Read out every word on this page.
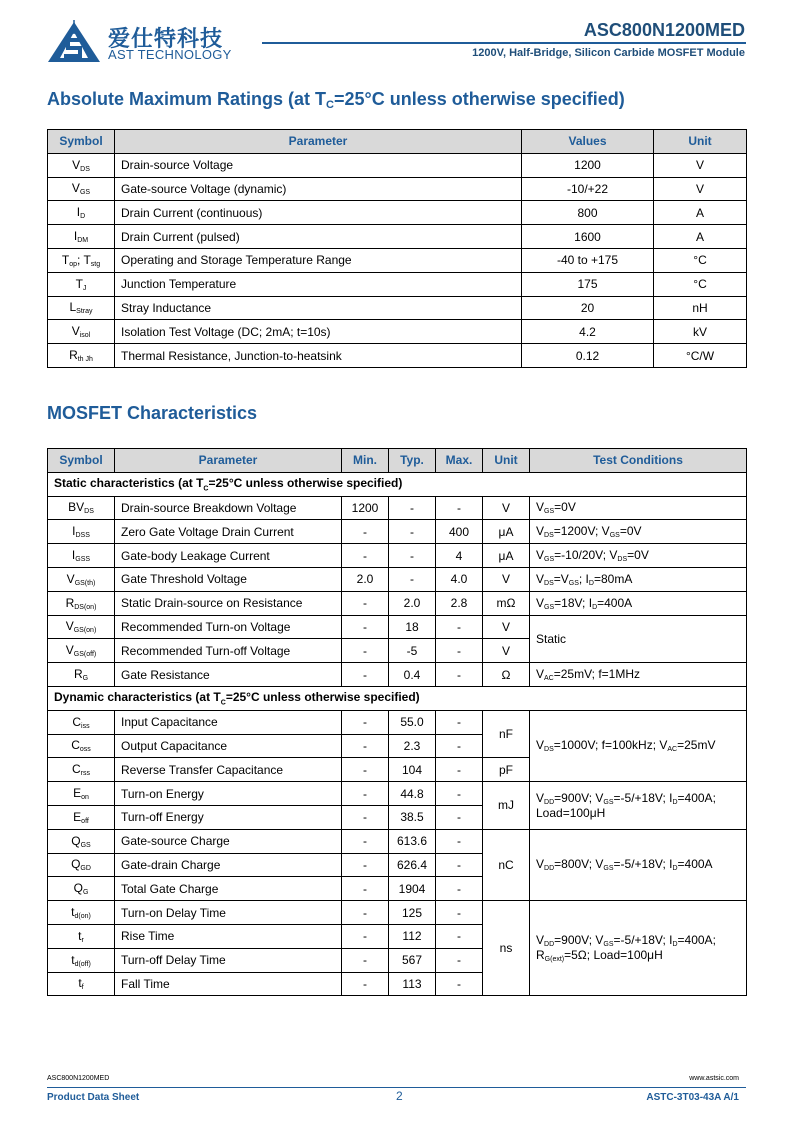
爱仕特科技
AST TECHNOLOGY
ASC800N1200MED
1200V, Half-Bridge, Silicon Carbide MOSFET Module
Absolute Maximum Ratings (at $T_C=25^\circ C$ unless otherwise specified)
Symbol	Parameter	Values	Unit
$V_{DS}$	Drain-source Voltage	1200	V
$V_{GS}$	Gate-source Voltage (dynamic)	-10/+22	V
$I_D$	Drain Current (continuous)	800	A
$I_{DM}$	Drain Current (pulsed)	1600	A
$T_{op}$; $T_{stg}$	Operating and Storage Temperature Range	-40 to +175	°C
$T_J$	Junction Temperature	175	°C
$L_{Stray}$	Stray Inductance	20	nH
$V_{isol}$	Isolation Test Voltage (DC; 2mA; t=10s)	4.2	kV
$R_{th Jh}$	Thermal Resistance, Junction-to-heatsink	0.12	°C/W
MOSFET Characteristics
Symbol	Parameter	Min.	Typ.	Max.	Unit	Test Conditions
Static characteristics (at $T_C=25^\circ C$ unless otherwise specified)						
$BV_{DS}$	Drain-source Breakdown Voltage	1200	-	-	V	$V_{GS}=0V$
$I_{DSS}$	Zero Gate Voltage Drain Current	-	-	400	μA	$V_{DS}=1200V$; $V_{GS}=0V$
$I_{GSS}$	Gate-body Leakage Current	-	-	4	μA	$V_{GS}=-10/20V$; $V_{DS}=0V$
$V_{GS(th)}$	Gate Threshold Voltage	2.0	-	4.0	V	$V_{DS}=V_{GS}$; $I_D=80mA$
$R_{DS(on)}$	Static Drain-source on Resistance	-	2.0	2.8	mΩ	$V_{GS}=18V$; $I_D=400A$
$V_{GS(on)}$	Recommended Turn-on Voltage	-	18	-	V	Static
$V_{GS(off)}$	Recommended Turn-off Voltage	-	-5	-	V	
$R_G$	Gate Resistance	-	0.4	-	Ω	$V_{AC}=25mV$; f=1MHz
Dynamic characteristics (at $T_C=25^\circ C$ unless otherwise specified)						
$C_{iss}$	Input Capacitance	-	55.0	-	nF	$V_{DS}=1000V$; f=100kHz; $V_{AC}=25mV$
$C_{oss}$	Output Capacitance	-	2.3	-		
$C_{rss}$	Reverse Transfer Capacitance	-	104	-	pF	
$E_{on}$	Turn-on Energy	-	44.8	-	mJ	$V_{DD}=900V$; $V_{GS}=-5/+18V$; $I_D=400A$;
Load=100μH
$E_{off}$	Turn-off Energy	-	38.5	-		
$Q_{GS}$	Gate-source Charge	-	613.6	-	nC	$V_{DD}=800V$; $V_{GS}=-5/+18V$; $I_D=400A$
$Q_{GD}$	Gate-drain Charge	-	626.4	-		
$Q_G$	Total Gate Charge	-	1904	-		
$t_{d(on)}$	Turn-on Delay Time	-	125	-	ns	$V_{DD}=900V$; $V_{GS}=-5/+18V$; $I_D=400A$;
$R_{G(ext)}=5\Omega$; Load=100μH
$t_r$	Rise Time	-	112	-		
$t_{d(off)}$	Turn-off Delay Time	-	567	-		
$t_f$	Fall Time	-	113	-		
ASC800N1200MED	www.astsic.com
Product Data Sheet	2	ASTC-3T03-43A A/1
